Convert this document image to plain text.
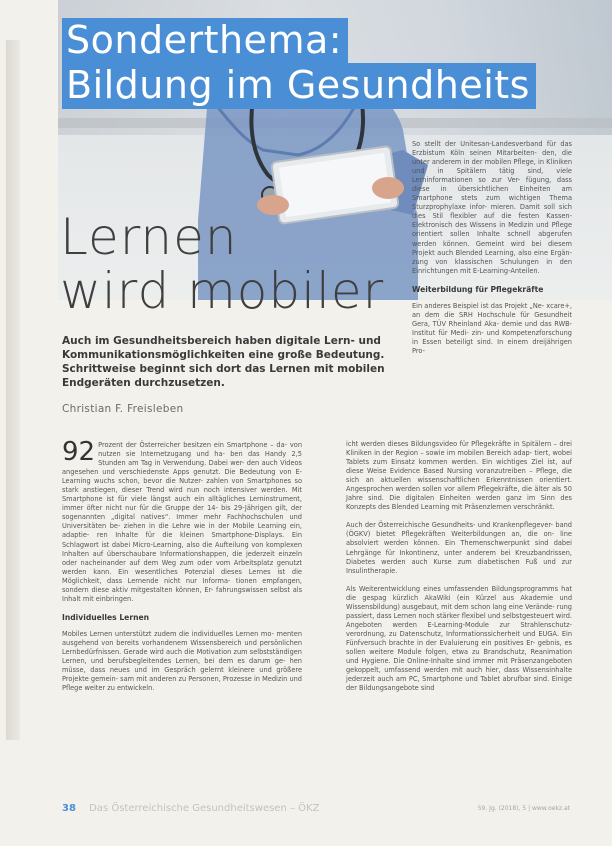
Sonderthema:
Bildung im Gesundheits
Lernen
wird mobiler
Auch im Gesundheitsbereich haben digitale Lern- und Kommunikationsmöglichkeiten eine große Bedeutung. Schrittweise beginnt sich dort das Lernen mit mobilen Endgeräten durchzusetzen.
Christian F. Freisleben

So stellt der Unitesan-Landesverband für das Erzbistum Köln seinen Mitarbeiten- den, die unter anderem in der mobilen Pflege, in Kliniken und in Spitälern tätig sind, viele Lerninformationen so zur Ver- fügung, dass diese in übersichtlichen Einheiten am Smartphone stets zum wichtigen Thema Sturzprophylaxe infor- mieren. Damit soll sich dies Stil flexibler auf die festen Kassen-Elektronisch des Wissens in Medizin und Pflege orientiert sollen Inhalte schnell abgerufen werden können. Gemeint wird bei diesem Projekt auch Blended Learning, also eine Ergän- zung von klassischen Schulungen in den Einrichtungen mit E-Learning-Anteilen.

Weiterbildung für Pflegekräfte

Ein anderes Beispiel ist das Projekt „Ne- xcare+, an dem die SRH Hochschule für Gesundheit Gera, TÜV Rheinland Aka- demie und das RWB-Institut für Medi- zin- und Kompetenzforschung in Essen beteiligt sind. In einem dreijährigen Pro-

92 Prozent der Österreicher besitzen ein Smartphone – da- von nutzen sie Internetzugang und ha- ben das Handy 2,5 Stunden am Tag in Verwendung. Dabei wer- den auch Videos angesehen und verschiedenste Apps genutzt. Die Bedeutung von E-Learning wuchs schon, bevor die Nutzer- zahlen von Smartphones so stark anstiegen, dieser Trend wird nun noch intensiver werden. Mit Smartphone ist für viele längst auch ein alltägliches Lerninstrument, immer öfter nicht nur für die Gruppe der 14- bis 29-Jährigen gilt, der sogenannten „digital natives“. Immer mehr Fachhochschulen und Universitäten be- ziehen in die Lehre wie in der Mobile Learning ein, adaptie- ren Inhalte für die kleinen Smartphone-Displays. Ein Schlagwort ist dabei Micro-Learning, also die Aufteilung von komplexen Inhalten auf überschaubare Informationshappen, die jederzeit einzeln oder nacheinander auf dem Weg zum oder vom Arbeitsplatz genutzt werden kann. Ein wesentliches Potenzial dieses Lernes ist die Möglichkeit, dass Lernende nicht nur Informa- tionen empfangen, sondern diese aktiv mitgestalten können, Er- fahrungswissen selbst als Inhalt mit einbringen.

Individuelles Lernen

Mobiles Lernen unterstützt zudem die individuelles Lernen mo- menten ausgehend von bereits vorhandenem Wissensbereich und persönlichen Lernbedürfnissen. Gerade wird auch die Motivation zum selbstständigen Lernen, und berufsbegleitendes Lernen, bei dem es darum ge- hen müsse, dass neues und im Gespräch gelernt kleinere und größere Projekte gemein- sam mit anderen zu Personen, Prozesse in Medizin und Pflege weiter zu entwickeln.

icht werden dieses Bildungsvideo für Pflegekräfte in Spitälern – drei Kliniken in der Region – sowie im mobilen Bereich adap- tiert, wobei Tablets zum Einsatz kommen werden. Ein wichtiges Ziel ist, auf diese Weise Evidence Based Nursing voranzutreiben – Pflege, die sich an aktuellen wissenschaftlichen Erkenntnissen orientiert. Angesprochen werden sollen vor allem Pflegekräfte, die älter als 50 Jahre sind. Die digitalen Einheiten werden ganz im Sinn des Konzepts des Blended Learning mit Präsenzlernen verschränkt.

Auch der Österreichische Gesundheits- und Krankenpflegever- band (ÖGKV) bietet Pflegekräften Weiterbildungen an, die on- line absolviert werden können. Ein Themenschwerpunkt sind dabei Lehrgänge für Inkontinenz, unter anderem bei Kreuzbandrissen, Diabetes werden auch Kurse zum diabetischen Fuß und zur Insulintherapie.

Als Weiterentwicklung eines umfassenden Bildungsprogramms hat die gespag kürzlich AkaWiki (ein Kürzel aus Akademie und Wissensbildung) ausgebaut, mit dem schon lang eine Verände- rung passiert, dass Lernen noch stärker flexibel und selbstgesteuert wird. Angeboten werden E-Learning-Module zur Strahlenschutz- verordnung, zu Datenschutz, Informationssicherheit und EUGA. Ein Fünfversuch brachte in der Evaluierung ein positives Er- gebnis, es sollen weitere Module folgen, etwa zu Brandschutz, Reanimation und Hygiene. Die Online-Inhalte sind immer mit Präsenzangeboten gekoppelt, umfassend werden mit auch hier, dass Wissensinhalte jederzeit auch am PC, Smartphone und Tablet abrufbar sind. Einige der Bildungsangebote sind

38 Das Österreichische Gesundheitswesen – ÖKZ	59. Jg. (2018), 5 | www.oekz.at
